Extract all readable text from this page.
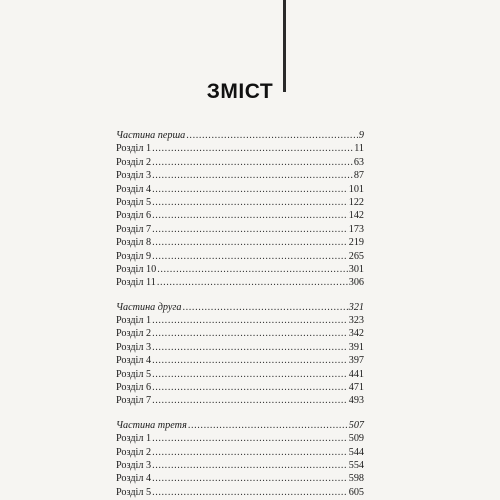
ЗМІСТ
Частина перша .....	9
Розділ 1 .....	11
Розділ 2 .....	63
Розділ 3 .....	87
Розділ 4 .....	101
Розділ 5 .....	122
Розділ 6 .....	142
Розділ 7 .....	173
Розділ 8 .....	219
Розділ 9 .....	265
Розділ 10 .....	301
Розділ 11 .....	306
Частина друга .....	321
Розділ 1 .....	323
Розділ 2 .....	342
Розділ 3 .....	391
Розділ 4 .....	397
Розділ 5 .....	441
Розділ 6 .....	471
Розділ 7 .....	493
Частина третя .....	507
Розділ 1 .....	509
Розділ 2 .....	544
Розділ 3 .....	554
Розділ 4 .....	598
Розділ 5 .....	605
